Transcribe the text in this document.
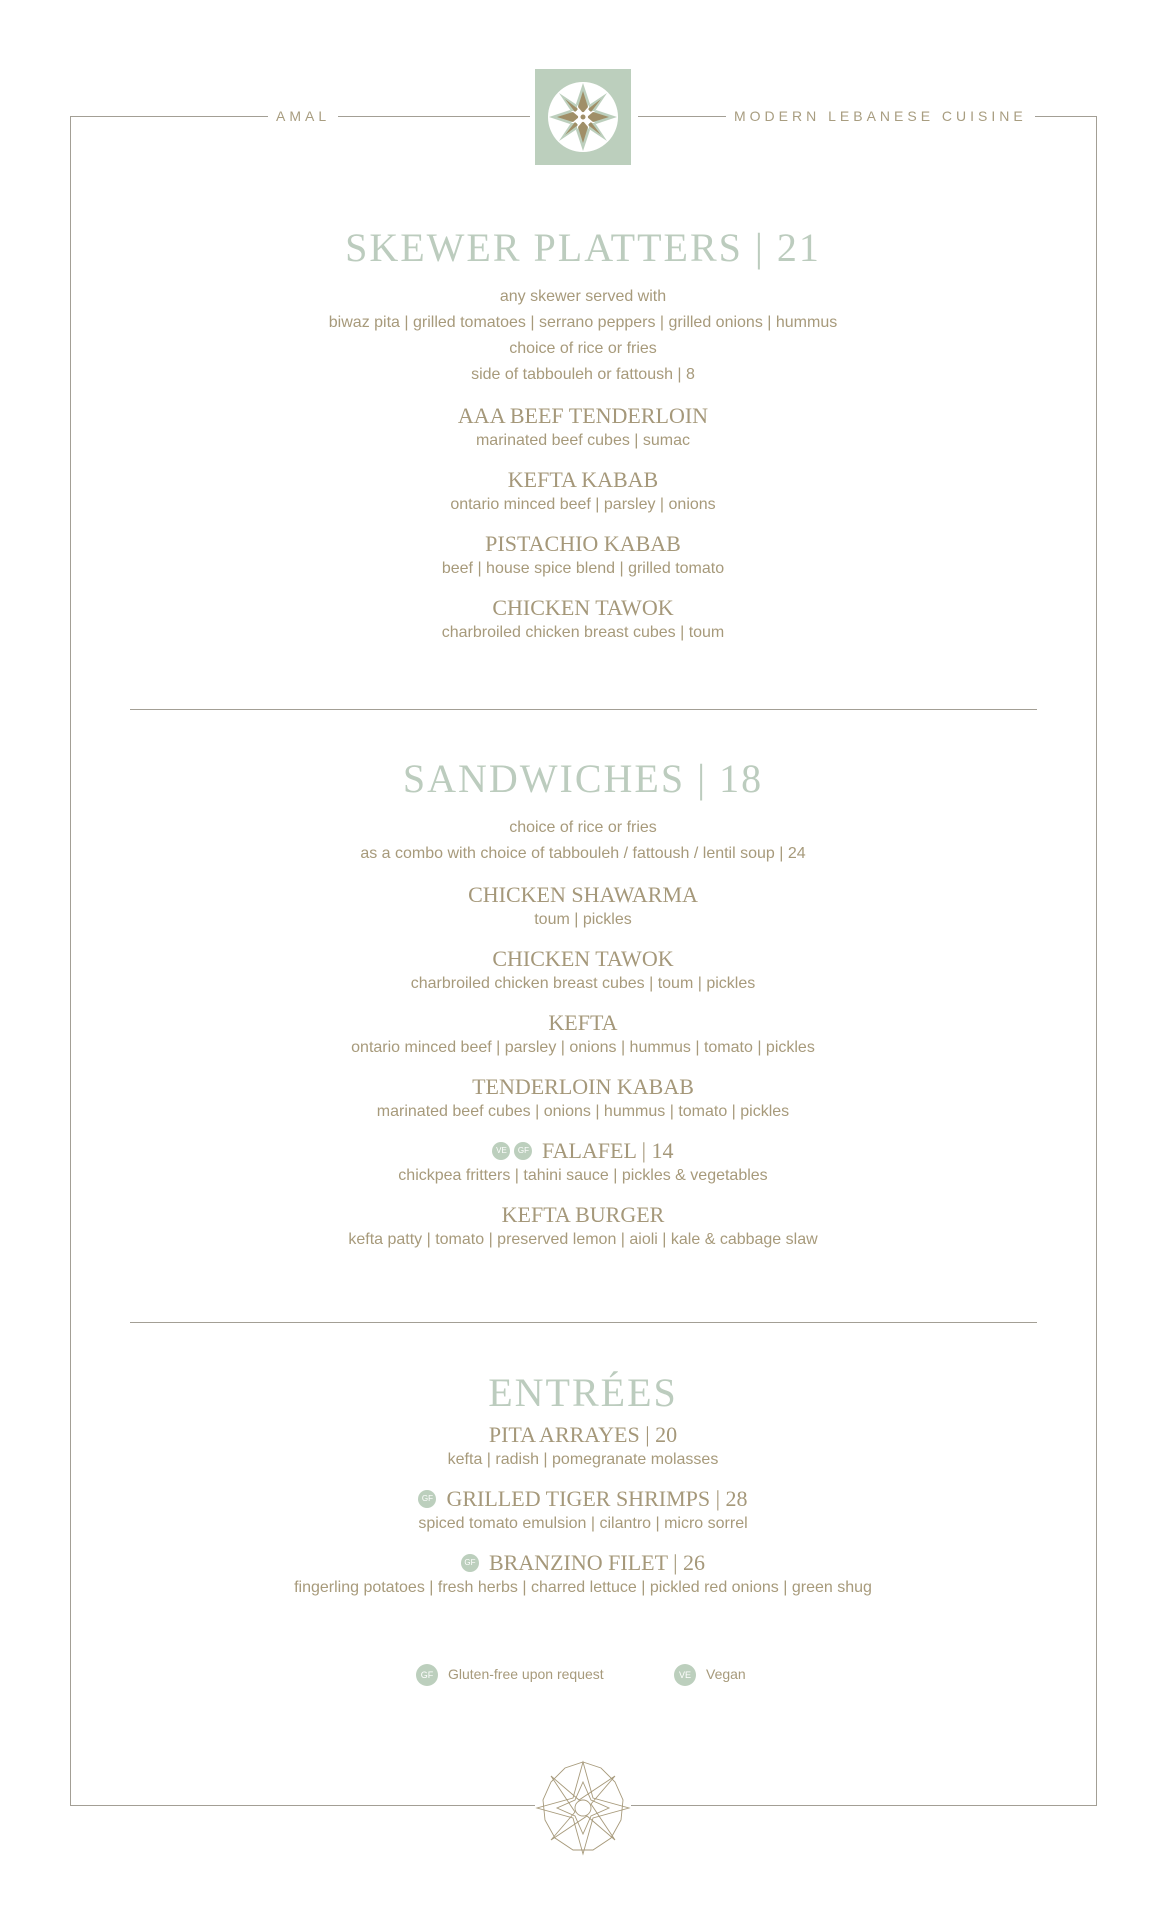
AMAL	MODERN LEBANESE CUISINE
SKEWER PLATTERS | 21
any skewer served with
biwaz pita | grilled tomatoes | serrano peppers | grilled onions | hummus
choice of rice or fries
side of tabbouleh or fattoush | 8
AAA BEEF TENDERLOIN
marinated beef cubes | sumac
KEFTA KABAB
ontario minced beef | parsley | onions
PISTACHIO KABAB
beef | house spice blend | grilled tomato
CHICKEN TAWOK
charbroiled chicken breast cubes | toum
SANDWICHES | 18
choice of rice or fries
as a combo with choice of tabbouleh / fattoush / lentil soup | 24
CHICKEN SHAWARMA
toum | pickles
CHICKEN TAWOK
charbroiled chicken breast cubes | toum | pickles
KEFTA
ontario minced beef | parsley | onions | hummus | tomato | pickles
TENDERLOIN KABAB
marinated beef cubes | onions | hummus | tomato | pickles
VE GF FALAFEL | 14
chickpea fritters | tahini sauce | pickles & vegetables
KEFTA BURGER
kefta patty | tomato | preserved lemon | aioli | kale & cabbage slaw
ENTRÉES
PITA ARRAYES | 20
kefta | radish | pomegranate molasses
GF GRILLED TIGER SHRIMPS | 28
spiced tomato emulsion | cilantro | micro sorrel
GF BRANZINO FILET | 26
fingerling potatoes | fresh herbs | charred lettuce | pickled red onions | green shug
GF Gluten-free upon request	VE Vegan
